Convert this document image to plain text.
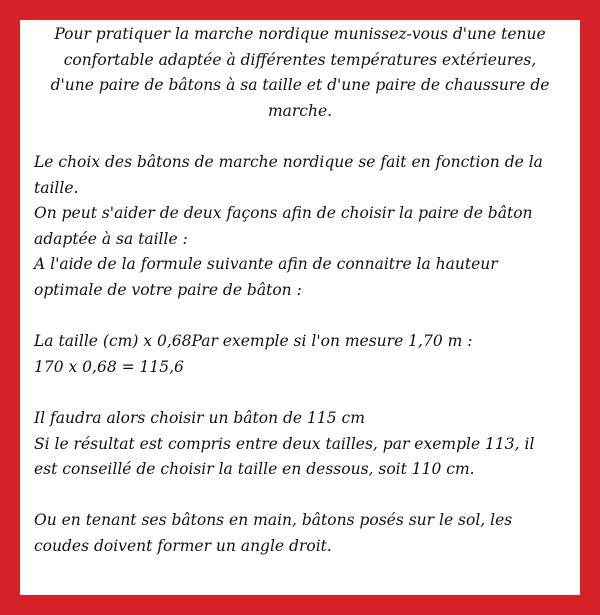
Pour pratiquer la marche nordique munissez-vous d'une tenue
confortable adaptée à différentes températures extérieures,
d'une paire de bâtons à sa taille et d'une paire de chaussure de
marche.

Le choix des bâtons de marche nordique se fait en fonction de la
taille.
On peut s'aider de deux façons afin de choisir la paire de bâton
adaptée à sa taille :
A l'aide de la formule suivante afin de connaitre la hauteur
optimale de votre paire de bâton :

La taille (cm) x 0,68Par exemple si l'on mesure 1,70 m :
170 x 0,68 = 115,6

Il faudra alors choisir un bâton de 115 cm
Si le résultat est compris entre deux tailles, par exemple 113, il
est conseillé de choisir la taille en dessous, soit 110 cm.

Ou en tenant ses bâtons en main, bâtons posés sur le sol, les
coudes doivent former un angle droit.
